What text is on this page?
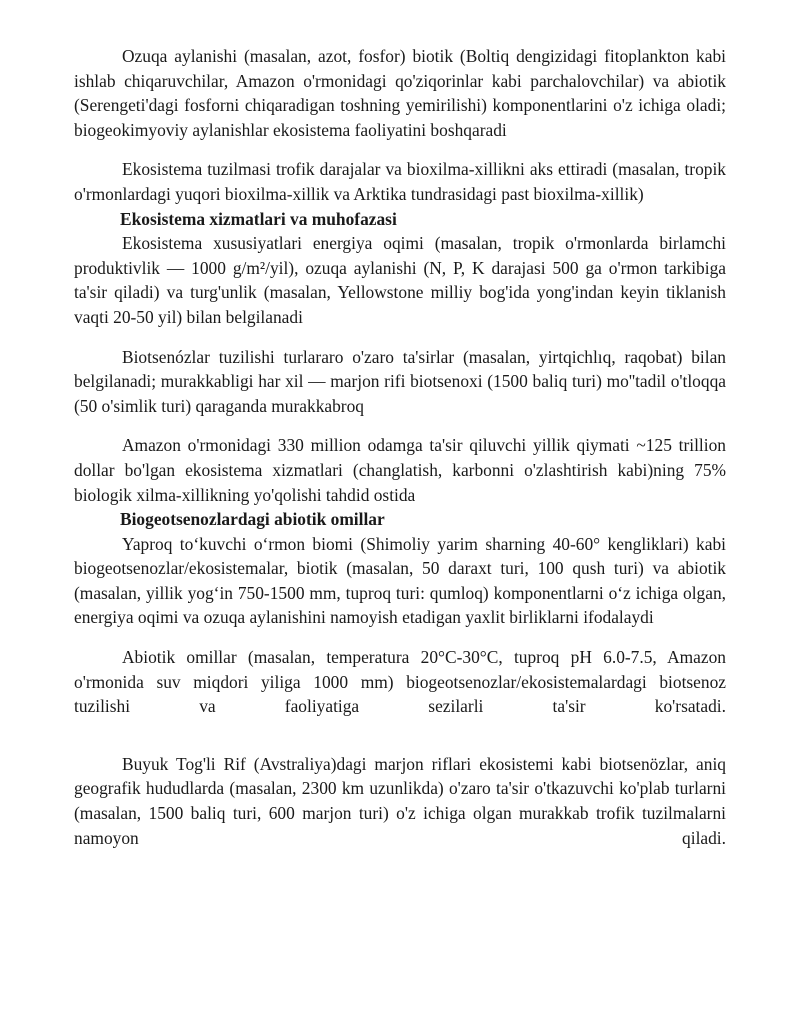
Ozuqa aylanishi (masalan, azot, fosfor) biotik (Boltiq dengizidagi fitoplankton kabi ishlab chiqaruvchilar, Amazon o'rmonidagi qo'ziqorinlar kabi parchalovchilar) va abiotik (Serengeti'dagi fosforni chiqaradigan toshning yemirilishi) komponentlarini o'z ichiga oladi; biogeokimyoviy aylanishlar ekosistema faoliyatini boshqaradi

Ekosistema tuzilmasi trofik darajalar va bioxilma-xillikni aks ettiradi (masalan, tropik o'rmonlardagi yuqori bioxilma-xillik va Arktika tundrasidagi past bioxilma-xillik)

Ekosistema xizmatlari va muhofazasi

Ekosistema xususiyatlari energiya oqimi (masalan, tropik o'rmonlarda birlamchi produktivlik — 1000 g/m²/yil), ozuqa aylanishi (N, P, K darajasi 500 ga o'rmon tarkibiga ta'sir qiladi) va turg'unlik (masalan, Yellowstone milliy bog'ida yong'indan keyin tiklanish vaqti 20-50 yil) bilan belgilanadi

Biotsenózlar tuzilishi turlararo o'zaro ta'sirlar (masalan, yirtqichlıq, raqobat) bilan belgilanadi; murakkabligi har xil — marjon rifi biotsenoxi (1500 baliq turi) mo''tadil o'tloqqa (50 o'simlik turi) qaraganda murakkabroq

Amazon o'rmonidagi 330 million odamga ta'sir qiluvchi yillik qiymati ~125 trillion dollar bo'lgan ekosistema xizmatlari (changlatish, karbonni o'zlashtirish kabi)ning 75% biologik xilma-xillikning yo'qolishi tahdid ostida

Biogeotsenozlardagi abiotik omillar

Yaproq to‘kuvchi o‘rmon biomi (Shimoliy yarim sharning 40-60° kengliklari) kabi biogeotsenozlar/ekosistemalar, biotik (masalan, 50 daraxt turi, 100 qush turi) va abiotik (masalan, yillik yog‘in 750-1500 mm, tuproq turi: qumloq) komponentlarni o‘z ichiga olgan, energiya oqimi va ozuqa aylanishini namoyish etadigan yaxlit birliklarni ifodalaydi

Abiotik omillar (masalan, temperatura 20°C-30°C, tuproq pH 6.0-7.5, Amazon o'rmonida suv miqdori yiliga 1000 mm) biogeotsenozlar/ekosistemalardagi biotsenoz tuzilishi va faoliyatiga sezilarli ta'sir ko'rsatadi.

Buyuk Tog'li Rif (Avstraliya)dagi marjon riflari ekosistemi kabi biotsenözlar, aniq geografik hududlarda (masalan, 2300 km uzunlikda) o'zaro ta'sir o'tkazuvchi ko'plab turlarni (masalan, 1500 baliq turi, 600 marjon turi) o'z ichiga olgan murakkab trofik tuzilmalarni namoyon qiladi.
